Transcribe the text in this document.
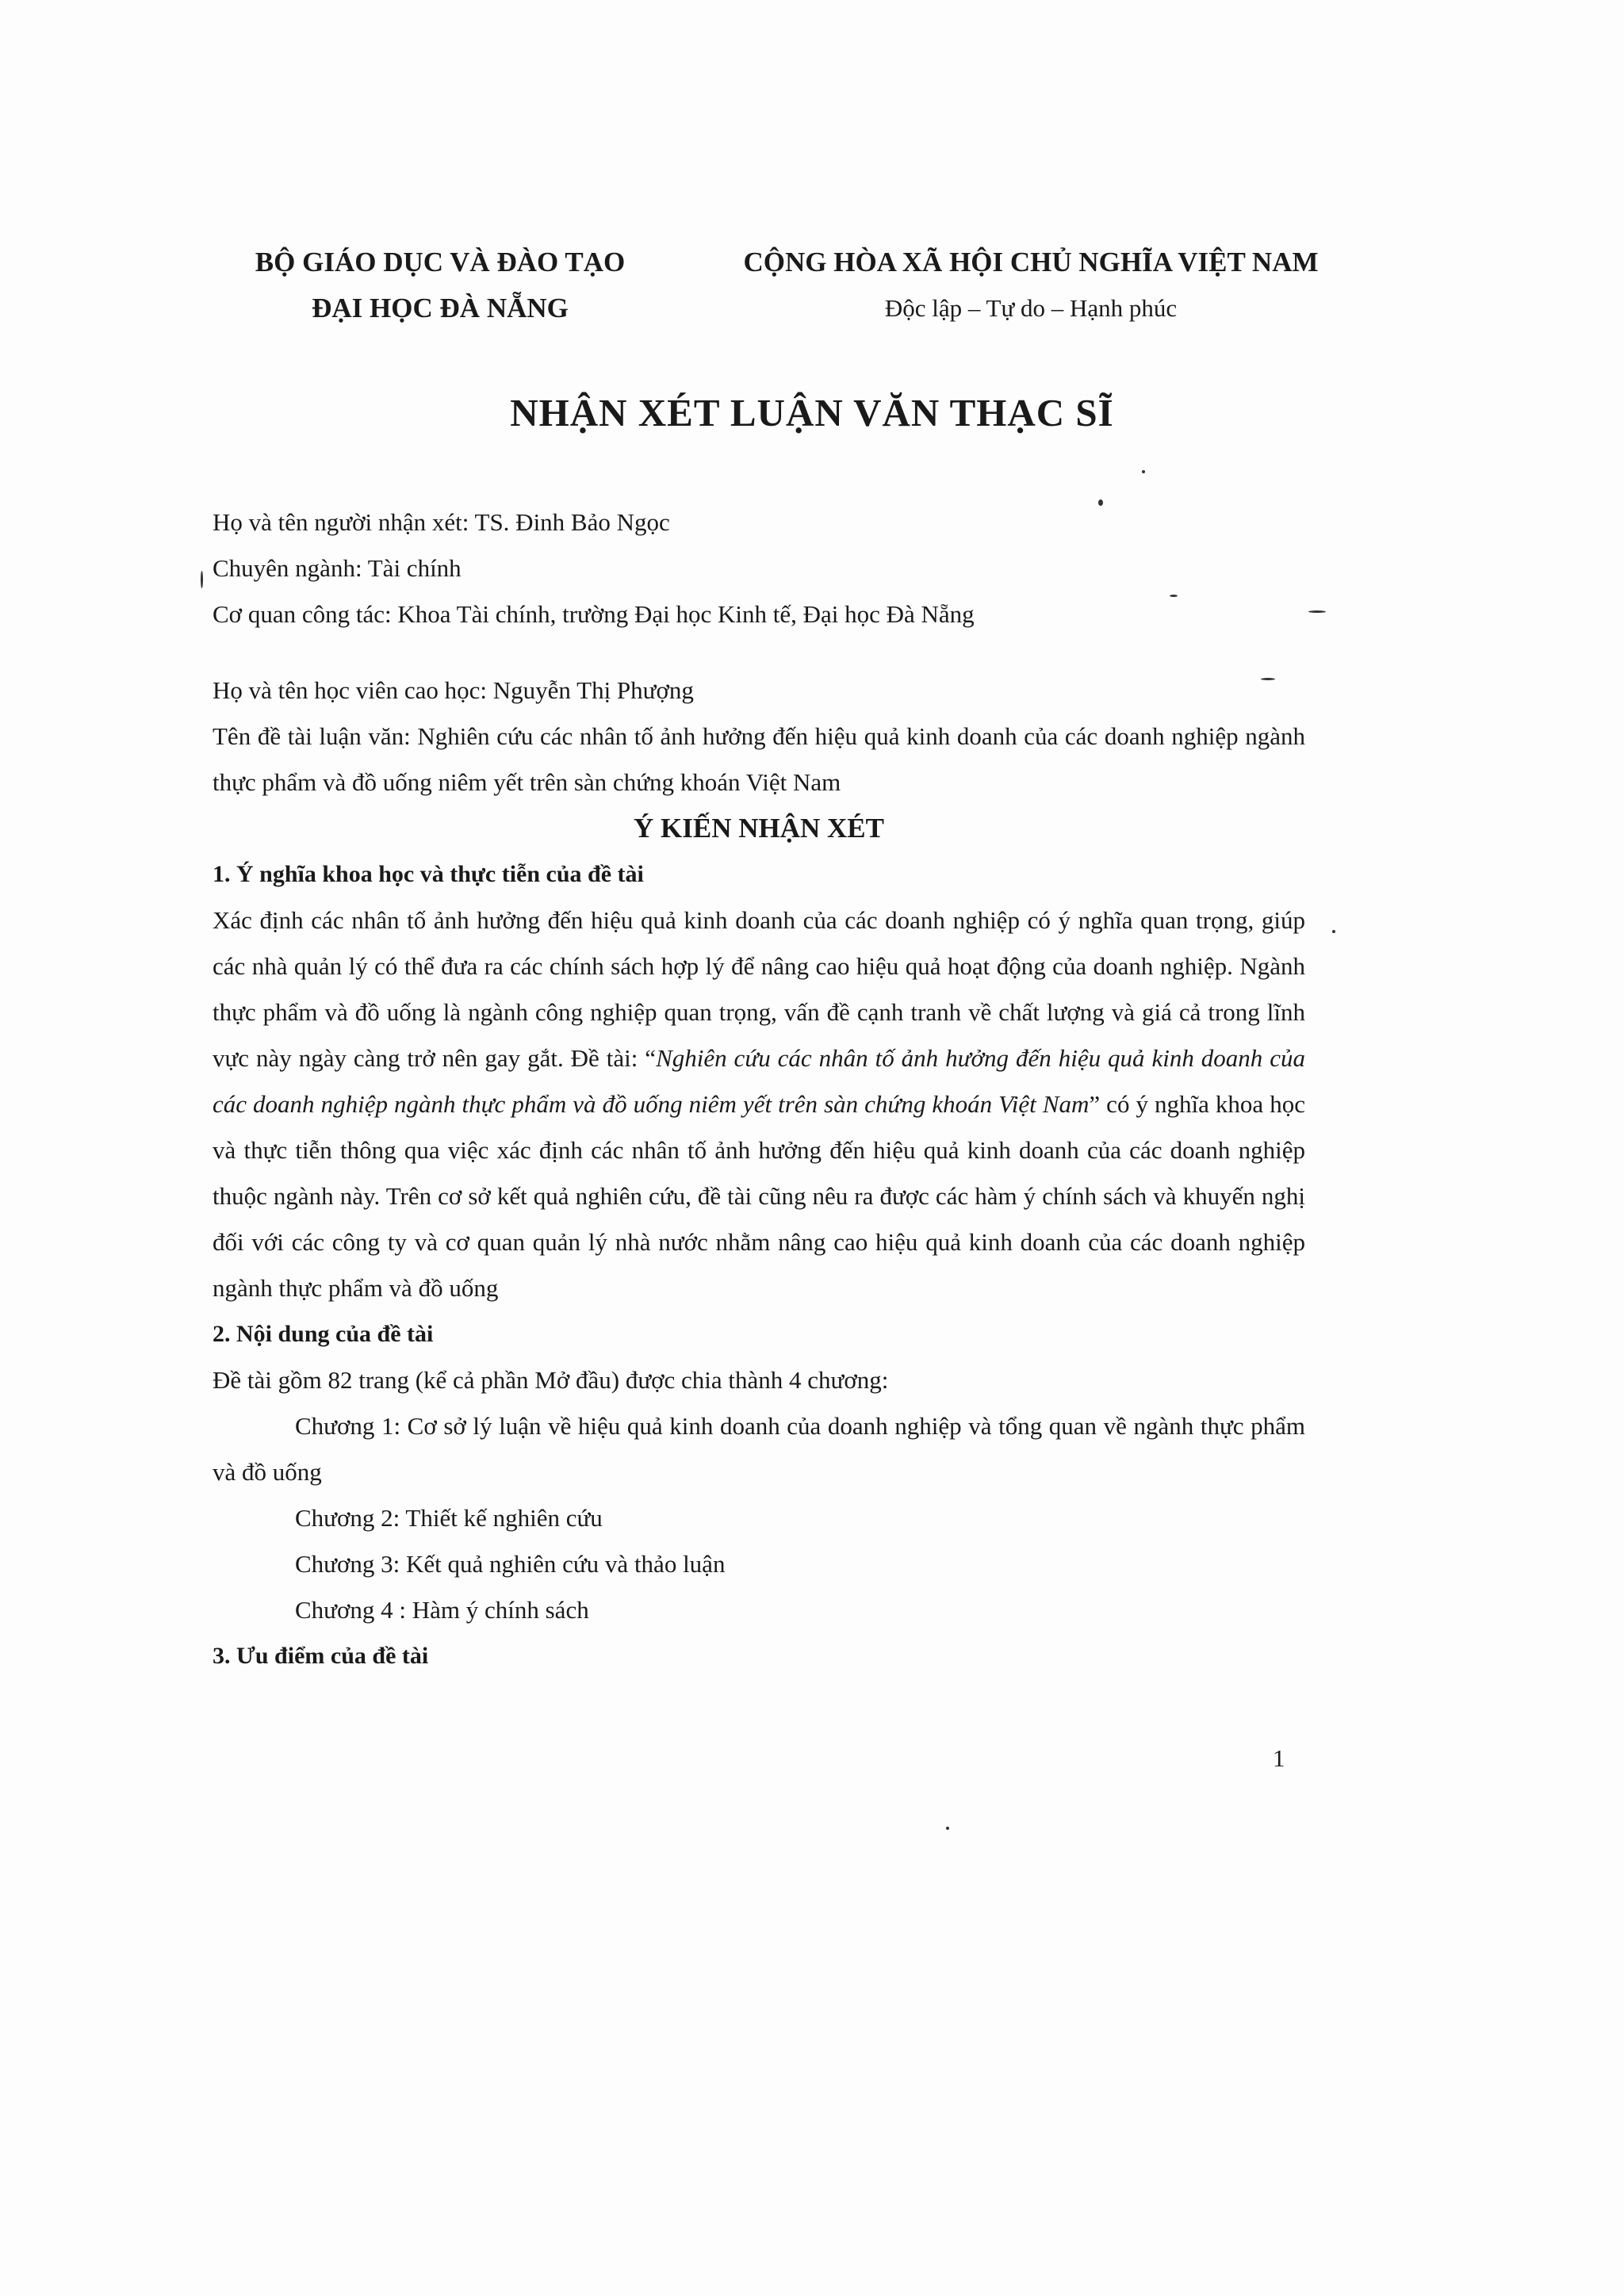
BỘ GIÁO DỤC VÀ ĐÀO TẠO
ĐẠI HỌC ĐÀ NẴNG
CỘNG HÒA XÃ HỘI CHỦ NGHĨA VIỆT NAM
Độc lập – Tự do – Hạnh phúc
NHẬN XÉT LUẬN VĂN THẠC SĨ

Họ và tên người nhận xét: TS. Đinh Bảo Ngọc

Chuyên ngành: Tài chính

Cơ quan công tác: Khoa Tài chính, trường Đại học Kinh tế, Đại học Đà Nẵng

Họ và tên học viên cao học: Nguyễn Thị Phượng

Tên đề tài luận văn: Nghiên cứu các nhân tố ảnh hưởng đến hiệu quả kinh doanh của các doanh nghiệp ngành thực phẩm và đồ uống niêm yết trên sàn chứng khoán Việt Nam

Ý KIẾN NHẬN XÉT

1. Ý nghĩa khoa học và thực tiễn của đề tài

Xác định các nhân tố ảnh hưởng đến hiệu quả kinh doanh của các doanh nghiệp có ý nghĩa quan trọng, giúp các nhà quản lý có thể đưa ra các chính sách hợp lý để nâng cao hiệu quả hoạt động của doanh nghiệp. Ngành thực phẩm và đồ uống là ngành công nghiệp quan trọng, vấn đề cạnh tranh về chất lượng và giá cả trong lĩnh vực này ngày càng trở nên gay gắt. Đề tài: “Nghiên cứu các nhân tố ảnh hưởng đến hiệu quả kinh doanh của các doanh nghiệp ngành thực phẩm và đồ uống niêm yết trên sàn chứng khoán Việt Nam” có ý nghĩa khoa học và thực tiễn thông qua việc xác định các nhân tố ảnh hưởng đến hiệu quả kinh doanh của các doanh nghiệp thuộc ngành này. Trên cơ sở kết quả nghiên cứu, đề tài cũng nêu ra được các hàm ý chính sách và khuyến nghị đối với các công ty và cơ quan quản lý nhà nước nhằm nâng cao hiệu quả kinh doanh của các doanh nghiệp ngành thực phẩm và đồ uống

2. Nội dung của đề tài

Đề tài gồm 82 trang (kể cả phần Mở đầu) được chia thành 4 chương:

Chương 1: Cơ sở lý luận về hiệu quả kinh doanh của doanh nghiệp và tổng quan về ngành thực phẩm và đồ uống

Chương 2: Thiết kế nghiên cứu

Chương 3: Kết quả nghiên cứu và thảo luận

Chương 4 : Hàm ý chính sách

3. Ưu điểm của đề tài

1
